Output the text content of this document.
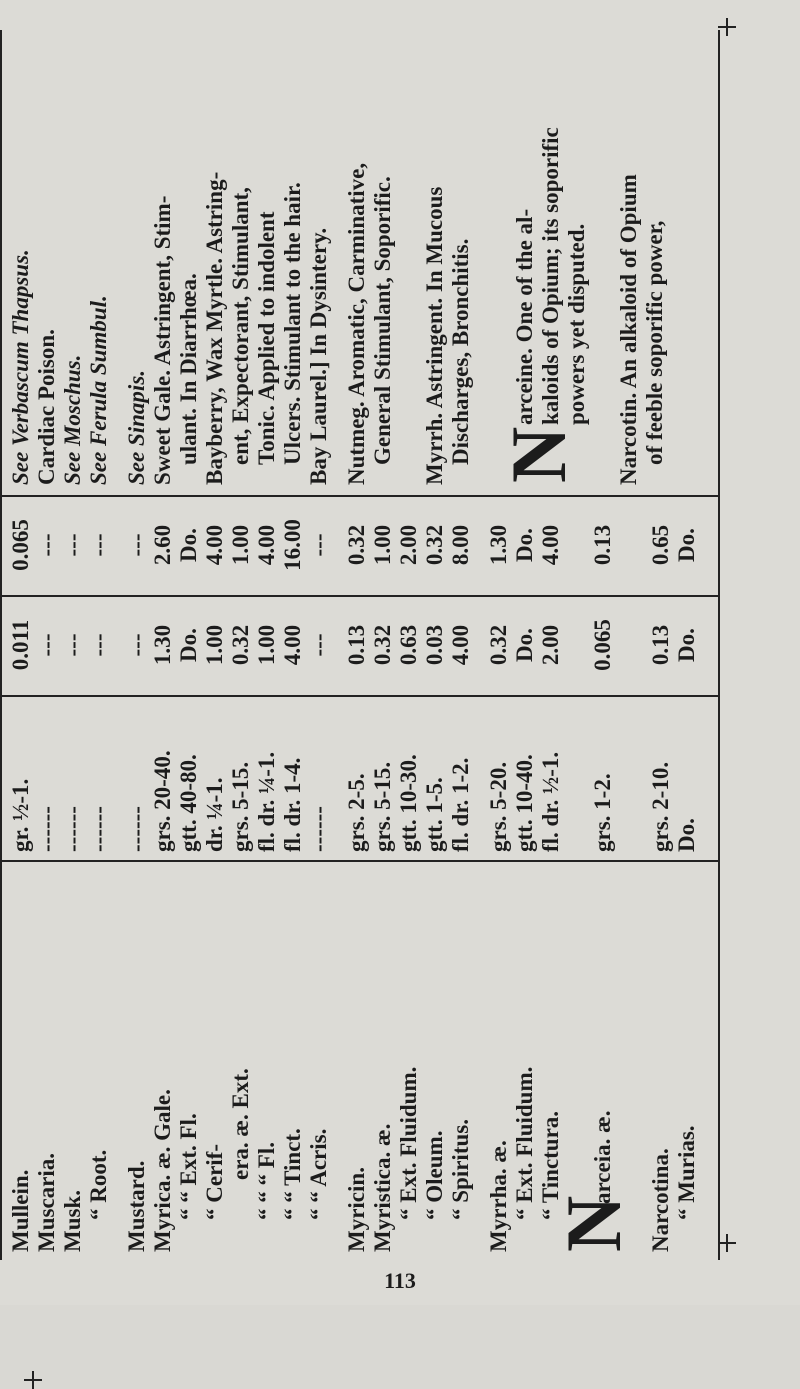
Mullein. Muscaria. Musk.
“ Root. Mustard. Myrica. æ. Gale. “ “ Ext. Fl. “ Cerif-
era. æ. Ext.
“ “ “ Fl. “ “ Tinct. “ “ Acris. Myricin. Myristica. æ. “ Ext. Fluidum. “ Oleum. “ Spiritus. Myrrha. æ. “ Ext. Fluidum. “ Tinctura.
N
arceia. æ. Narcotina. “ Murias.
gr. ½-1. ------ ------ ------ ------ grs. 20-40. gtt. 40-80. dr. ¼-1. grs. 5-15. fl. dr. ¼-1. fl. dr. 1-4. ------ grs. 2-5. grs. 5-15. gtt. 10-30. gtt. 1-5. fl. dr. 1-2. grs. 5-20. gtt. 10-40. fl. dr. ½-1. grs. 1-2. grs. 2-10. Do.
0.011 --- --- --- --- 1.30 Do. 1.00 0.32 1.00 4.00 --- 0.13 0.32 0.63 0.03 4.00 0.32 Do. 2.00 0.065 0.13 Do.
0.065 --- --- --- --- 2.60 Do. 4.00 1.00 4.00 16.00 --- 0.32 1.00 2.00 0.32 8.00 1.30 Do. 4.00 0.13 0.65 Do.
See Verbascum Thapsus. Cardiac Poison. See Moschus. See Ferula Sumbul. See Sinapis. Sweet Gale. Astringent, Stim- ulant. In Diarrhœa. Bayberry, Wax Myrtle. Astring- ent, Expectorant, Stimulant, Tonic. Applied to indolent Ulcers. Stimulant to the hair. Bay Laurel.] In Dysintery. Nutmeg. Aromatic, Carminative, General Stimulant, Soporific. Myrrh. Astringent. In Mucous Discharges, Bronchitis. N
arceine. One of the al- kaloids of Opium; its soporific powers yet disputed. Narcotin. An alkaloid of Opium of feeble soporific power,
113
